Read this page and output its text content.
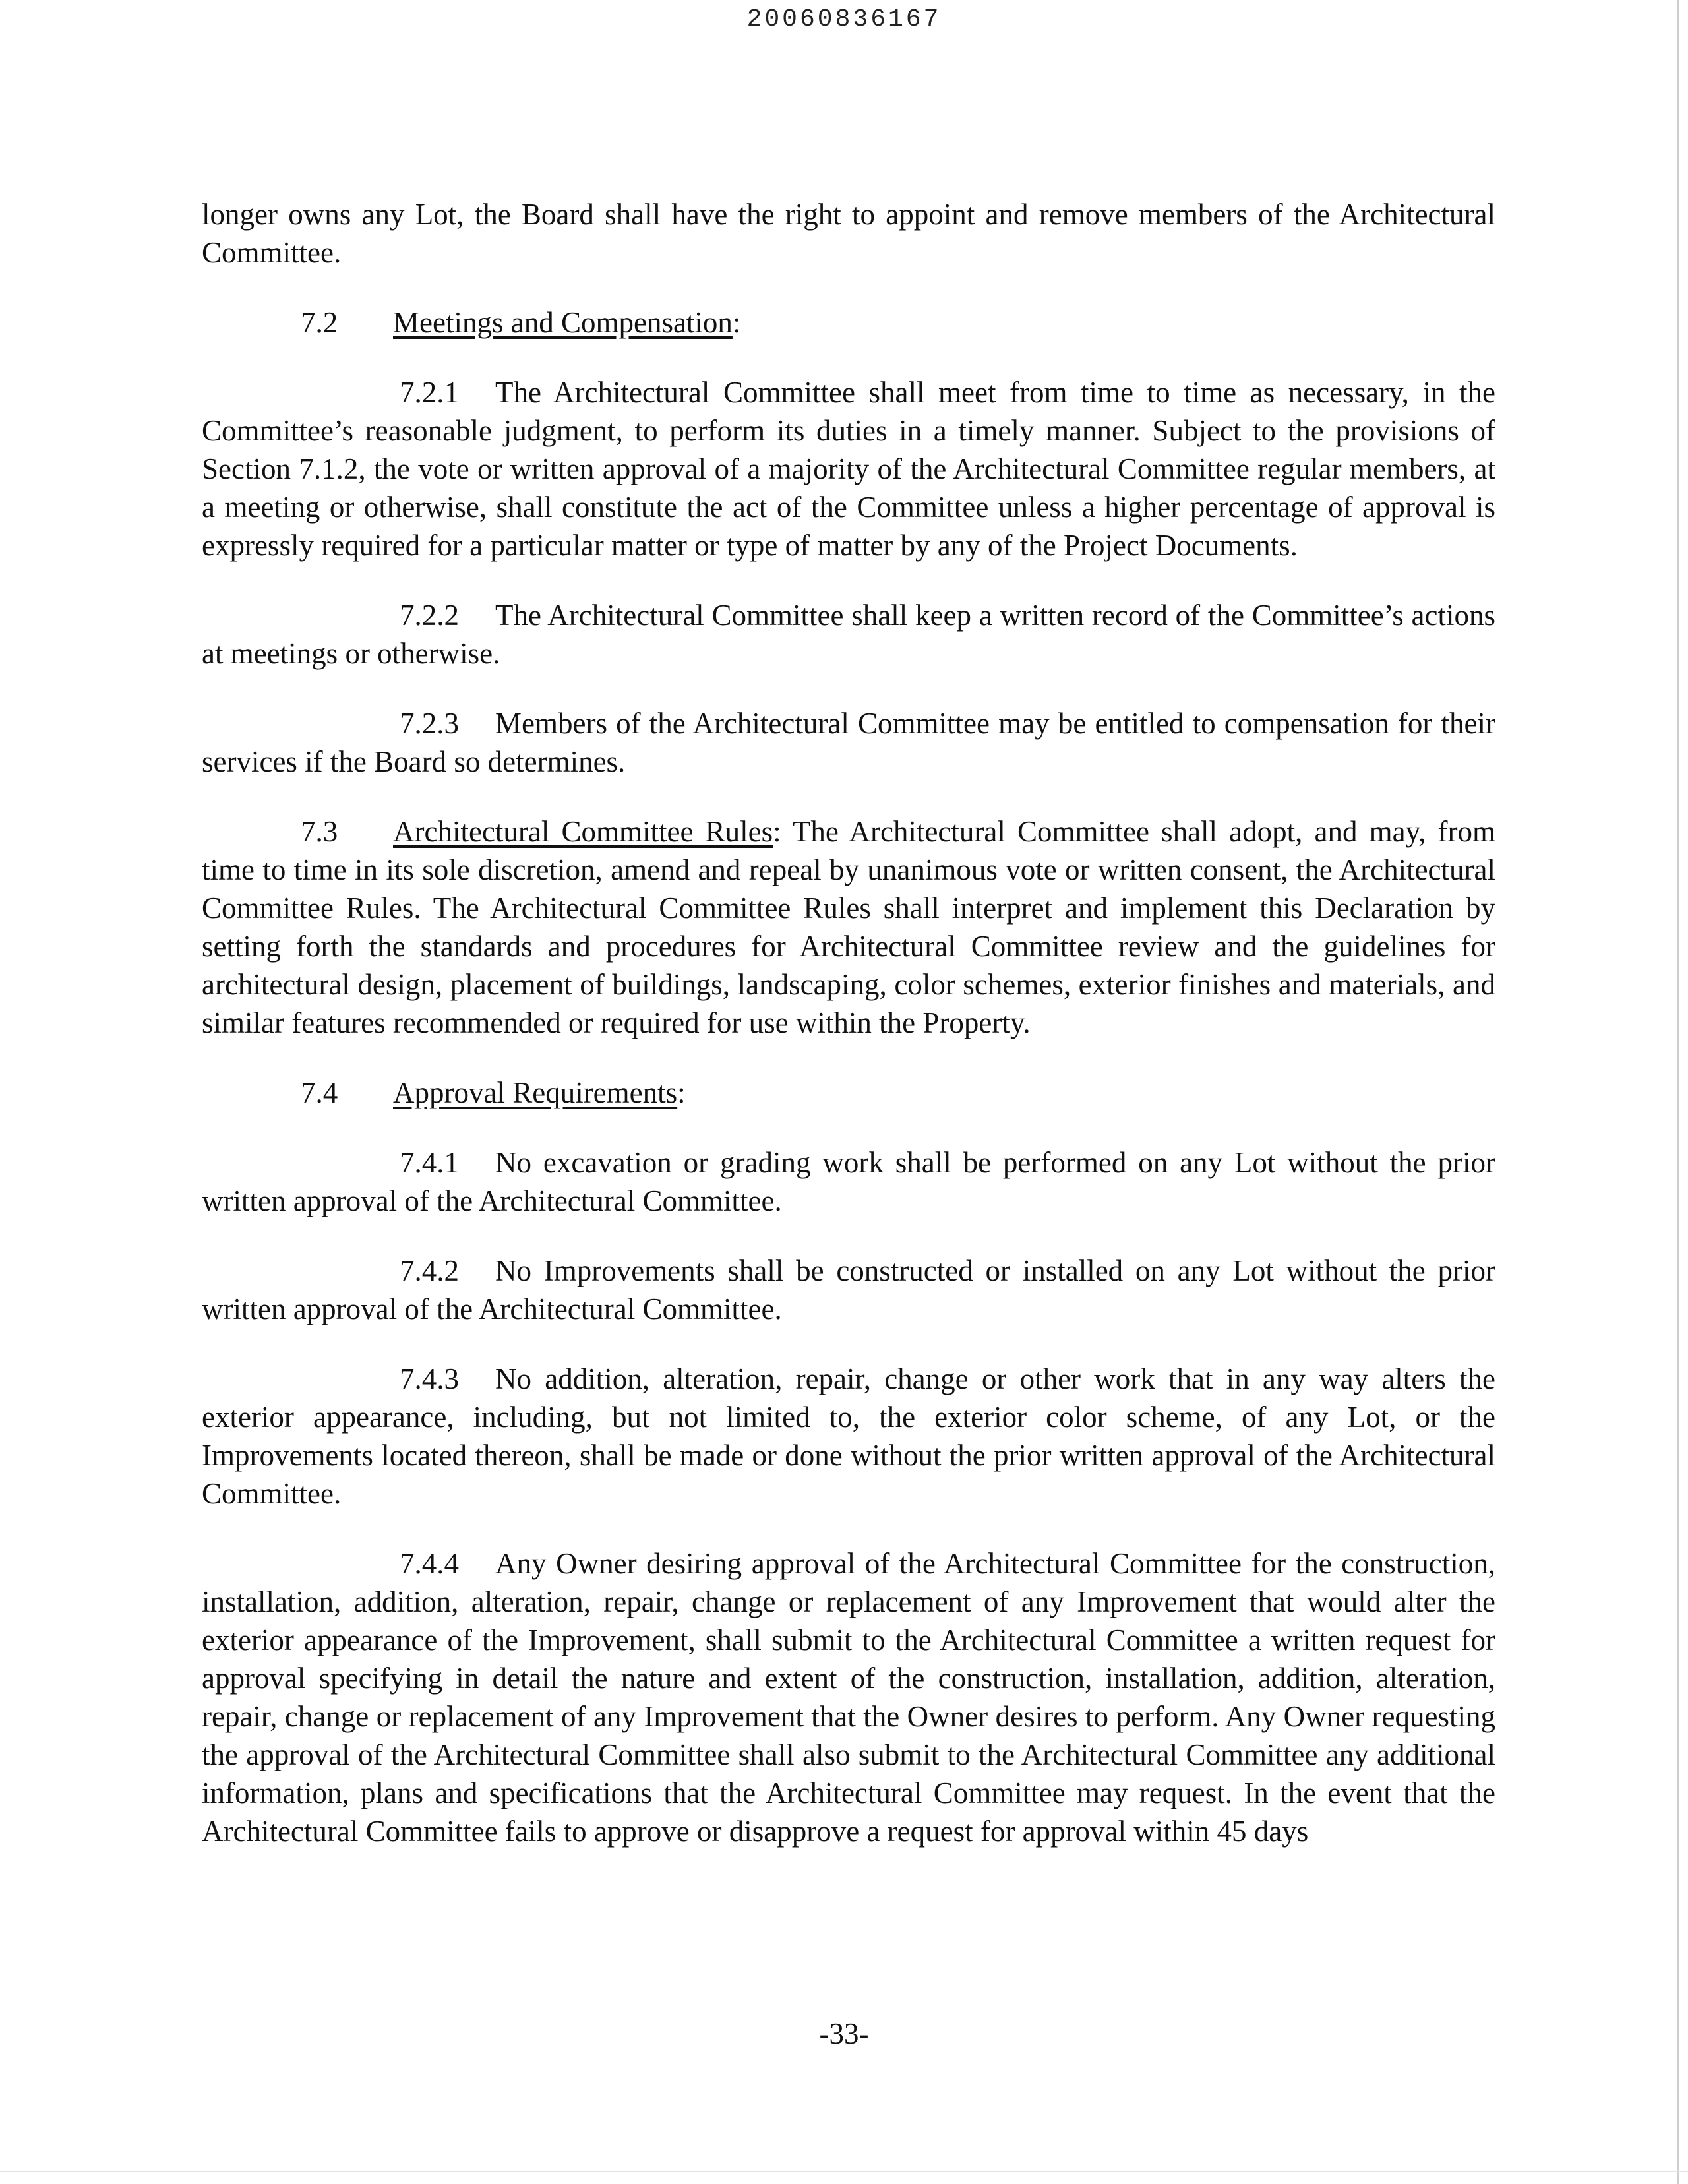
20060836167

longer owns any Lot, the Board shall have the right to appoint and remove members of the Architectural Committee.

7.2 Meetings and Compensation:

7.2.1 The Architectural Committee shall meet from time to time as necessary, in the Committee’s reasonable judgment, to perform its duties in a timely manner. Subject to the provisions of Section 7.1.2, the vote or written approval of a majority of the Architectural Committee regular members, at a meeting or otherwise, shall constitute the act of the Committee unless a higher percentage of approval is expressly required for a particular matter or type of matter by any of the Project Documents.

7.2.2 The Architectural Committee shall keep a written record of the Committee’s actions at meetings or otherwise.

7.2.3 Members of the Architectural Committee may be entitled to compensation for their services if the Board so determines.

7.3 Architectural Committee Rules: The Architectural Committee shall adopt, and may, from time to time in its sole discretion, amend and repeal by unanimous vote or written consent, the Architectural Committee Rules. The Architectural Committee Rules shall interpret and implement this Declaration by setting forth the standards and procedures for Architectural Committee review and the guidelines for architectural design, placement of buildings, landscaping, color schemes, exterior finishes and materials, and similar features recommended or required for use within the Property.

7.4 Approval Requirements:

7.4.1 No excavation or grading work shall be performed on any Lot without the prior written approval of the Architectural Committee.

7.4.2 No Improvements shall be constructed or installed on any Lot without the prior written approval of the Architectural Committee.

7.4.3 No addition, alteration, repair, change or other work that in any way alters the exterior appearance, including, but not limited to, the exterior color scheme, of any Lot, or the Improvements located thereon, shall be made or done without the prior written approval of the Architectural Committee.

7.4.4 Any Owner desiring approval of the Architectural Committee for the construction, installation, addition, alteration, repair, change or replacement of any Improvement that would alter the exterior appearance of the Improvement, shall submit to the Architectural Committee a written request for approval specifying in detail the nature and extent of the construction, installation, addition, alteration, repair, change or replacement of any Improvement that the Owner desires to perform. Any Owner requesting the approval of the Architectural Committee shall also submit to the Architectural Committee any additional information, plans and specifications that the Architectural Committee may request. In the event that the Architectural Committee fails to approve or disapprove a request for approval within 45 days

-33-
